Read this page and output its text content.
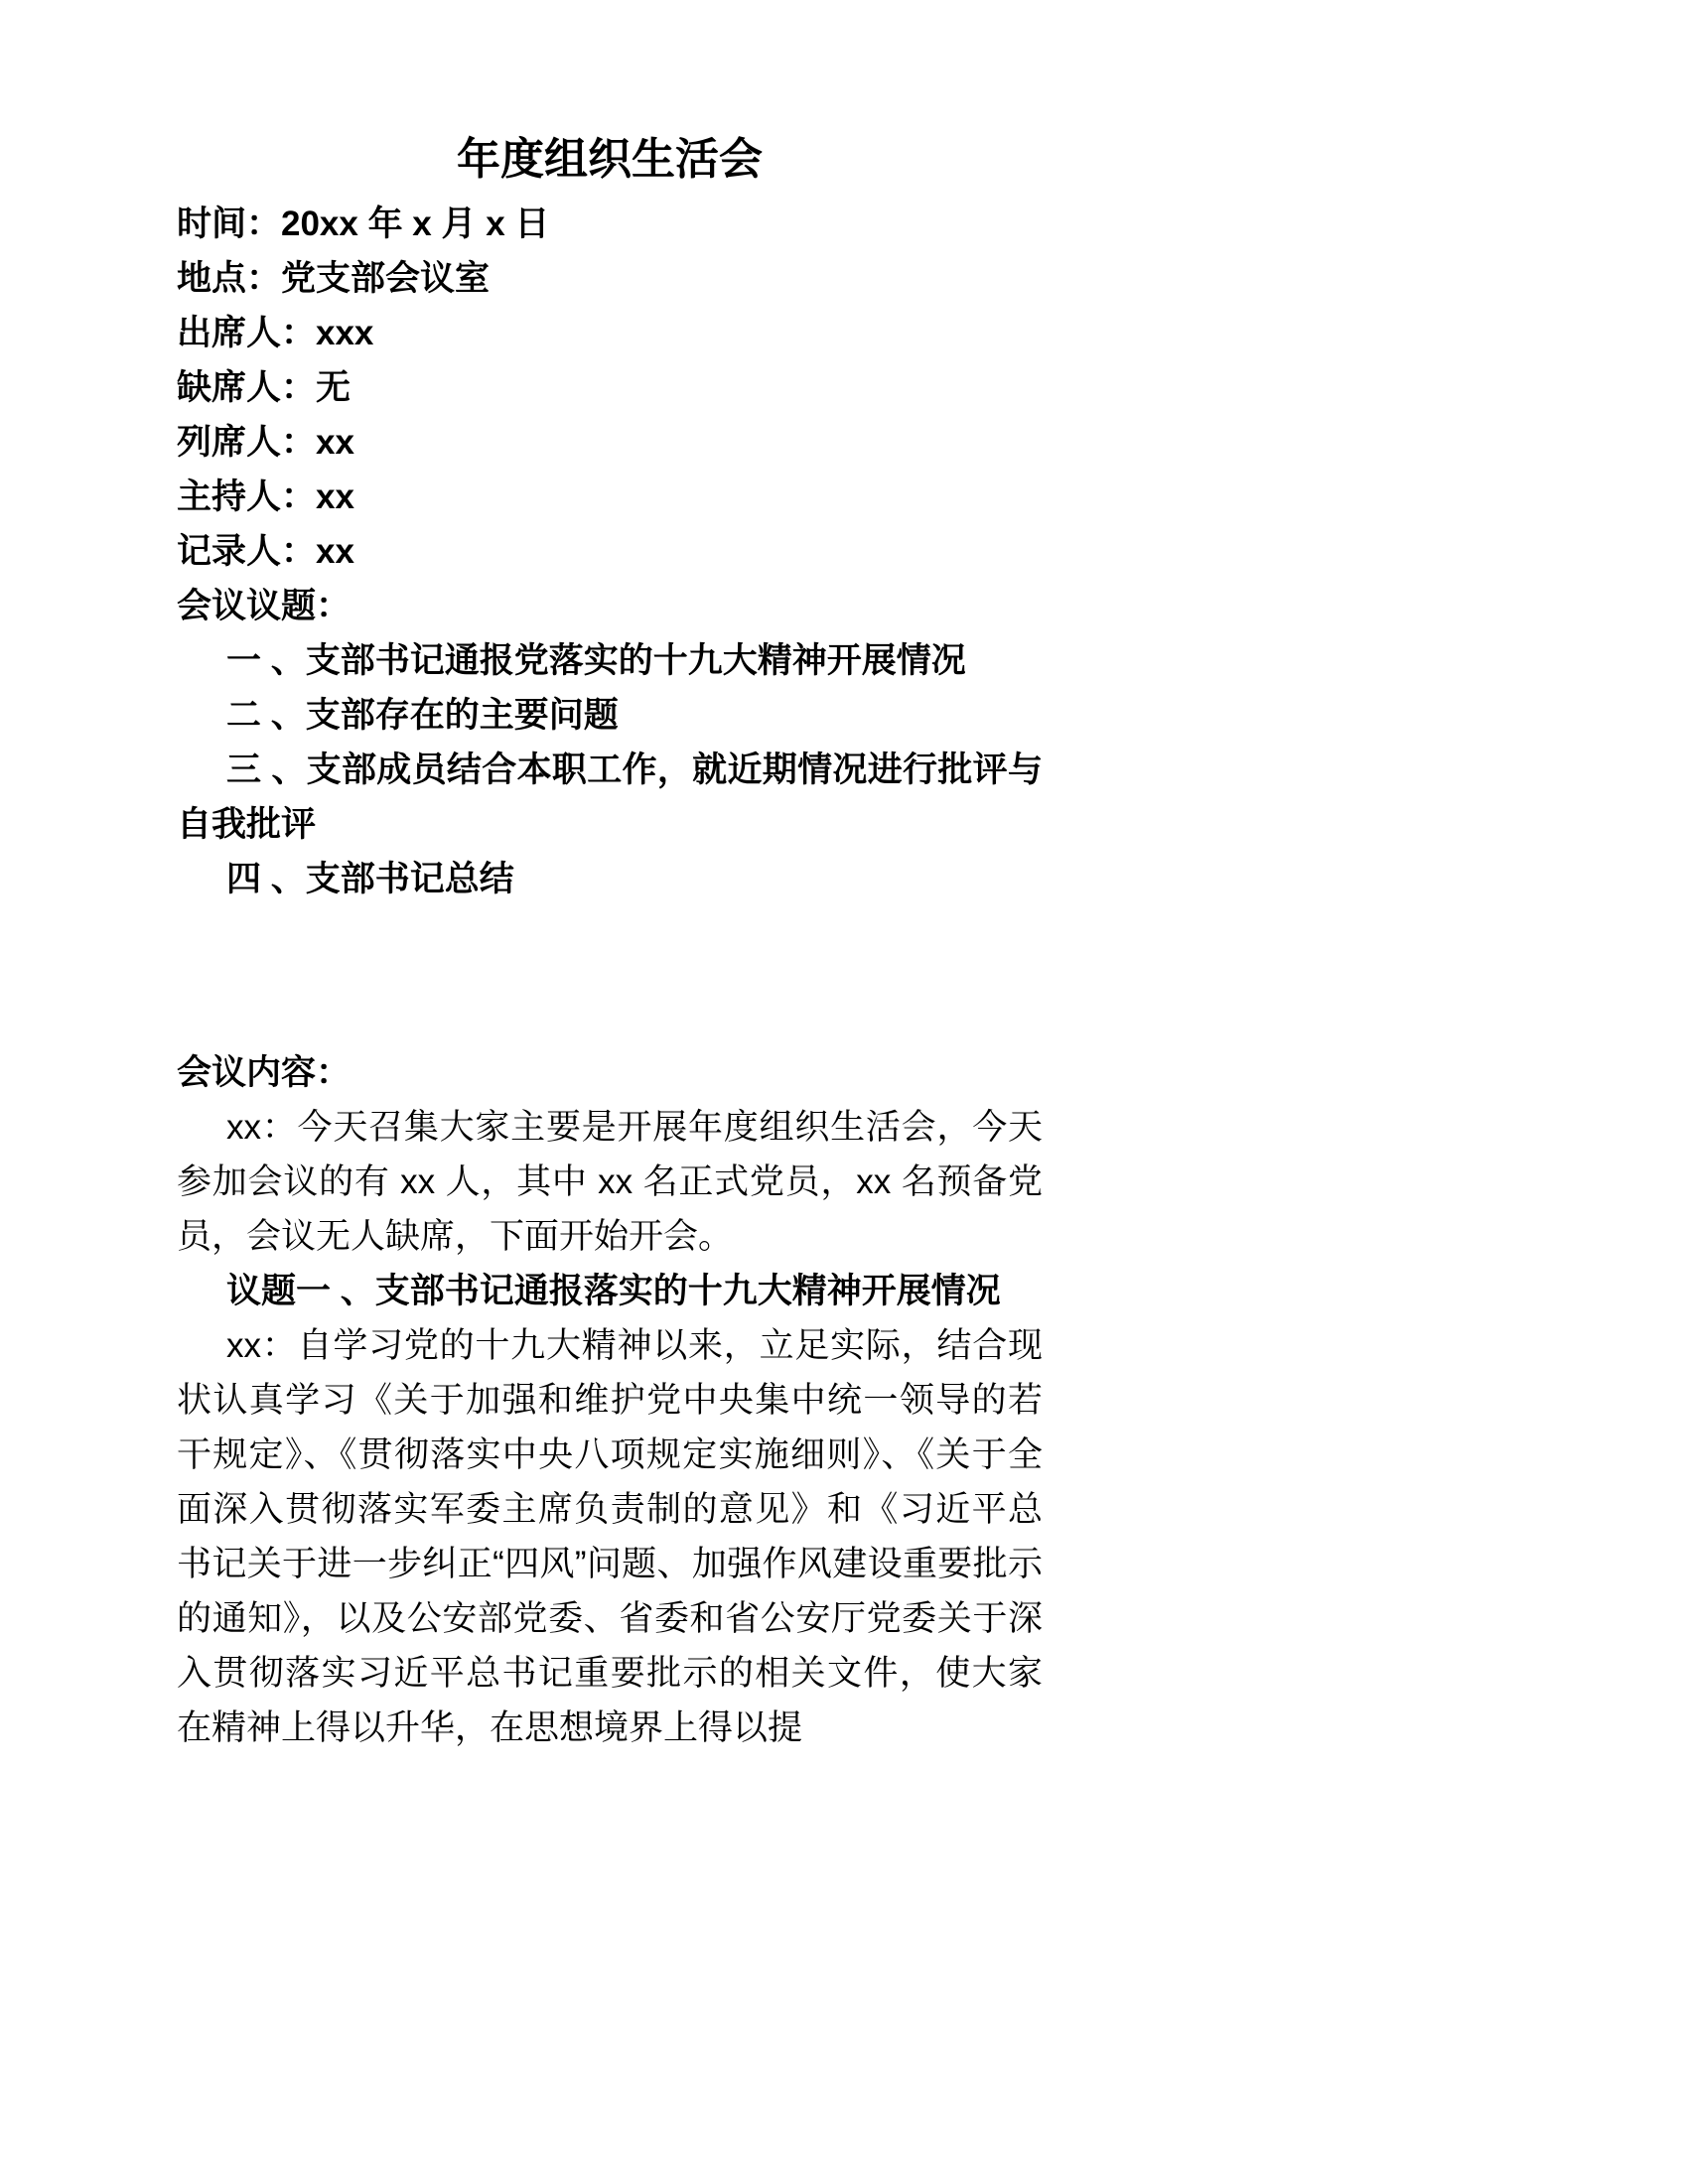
年度组织生活会
时间：20xx 年 x 月 x 日
地点：党支部会议室
出席人：xxx
缺席人：无
列席人：xx
主持人：xx
记录人：xx
会议议题：

一 、支部书记通报党落实的十九大精神开展情况

二 、支部存在的主要问题

三 、支部成员结合本职工作，就近期情况进行批评与自我批评

四 、支部书记总结

会议内容：

xx：今天召集大家主要是开展年度组织生活会，今天参加会议的有 xx 人，其中 xx 名正式党员，xx 名预备党员，会议无人缺席，下面开始开会。

议题一 、支部书记通报落实的十九大精神开展情况

xx：自学习党的十九大精神以来，立足实际，结合现状认真学习《关于加强和维护党中央集中统一领导的若干规定》、《贯彻落实中央八项规定实施细则》、《关于全面深入贯彻落实军委主席负责制的意见》和《习近平总书记关于进一步纠正“四风”问题、加强作风建设重要批示的通知》，以及公安部党委、省委和省公安厅党委关于深入贯彻落实习近平总书记重要批示的相关文件，使大家在精神上得以升华，在思想境界上得以提
